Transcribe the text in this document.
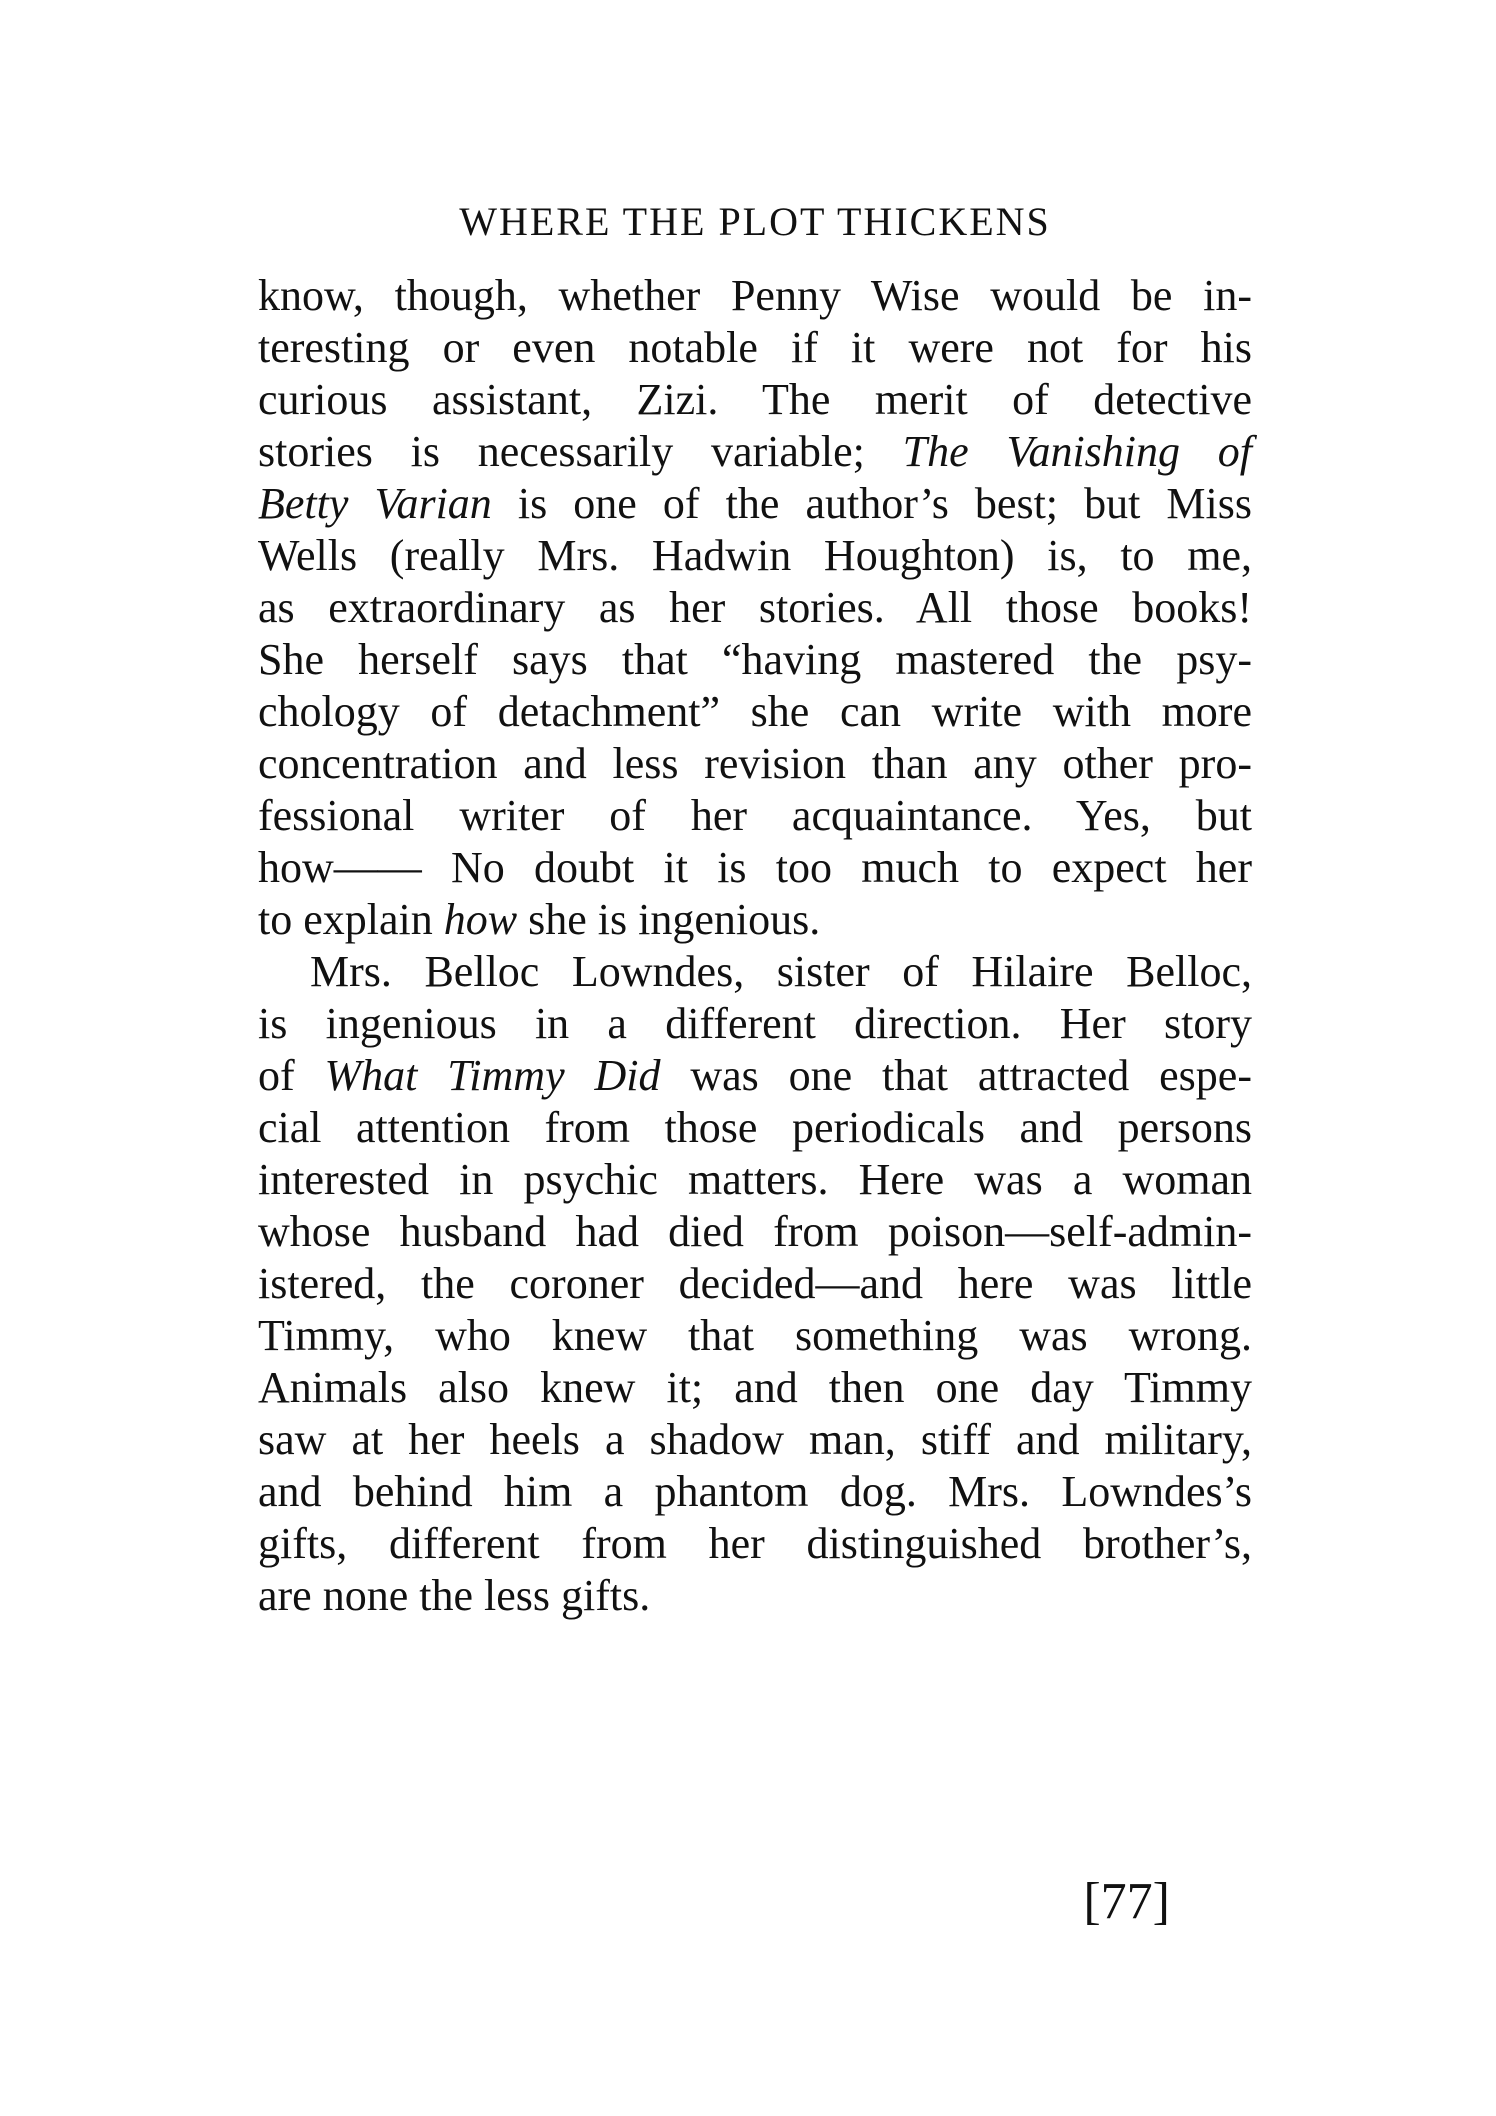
WHERE THE PLOT THICKENS
know, though, whether Penny Wise would be in-
teresting or even notable if it were not for his
curious assistant, Zizi. The merit of detective
stories is necessarily variable; The Vanishing of
Betty Varian is one of the author’s best; but Miss
Wells (really Mrs. Hadwin Houghton) is, to me,
as extraordinary as her stories. All those books!
She herself says that “having mastered the psy-
chology of detachment” she can write with more
concentration and less revision than any other pro-
fessional writer of her acquaintance. Yes, but
how—— No doubt it is too much to expect her
to explain how she is ingenious.
Mrs. Belloc Lowndes, sister of Hilaire Belloc,
is ingenious in a different direction. Her story
of What Timmy Did was one that attracted espe-
cial attention from those periodicals and persons
interested in psychic matters. Here was a woman
whose husband had died from poison—self-admin-
istered, the coroner decided—and here was little
Timmy, who knew that something was wrong.
Animals also knew it; and then one day Timmy
saw at her heels a shadow man, stiff and military,
and behind him a phantom dog. Mrs. Lowndes’s
gifts, different from her distinguished brother’s,
are none the less gifts.
[77]
